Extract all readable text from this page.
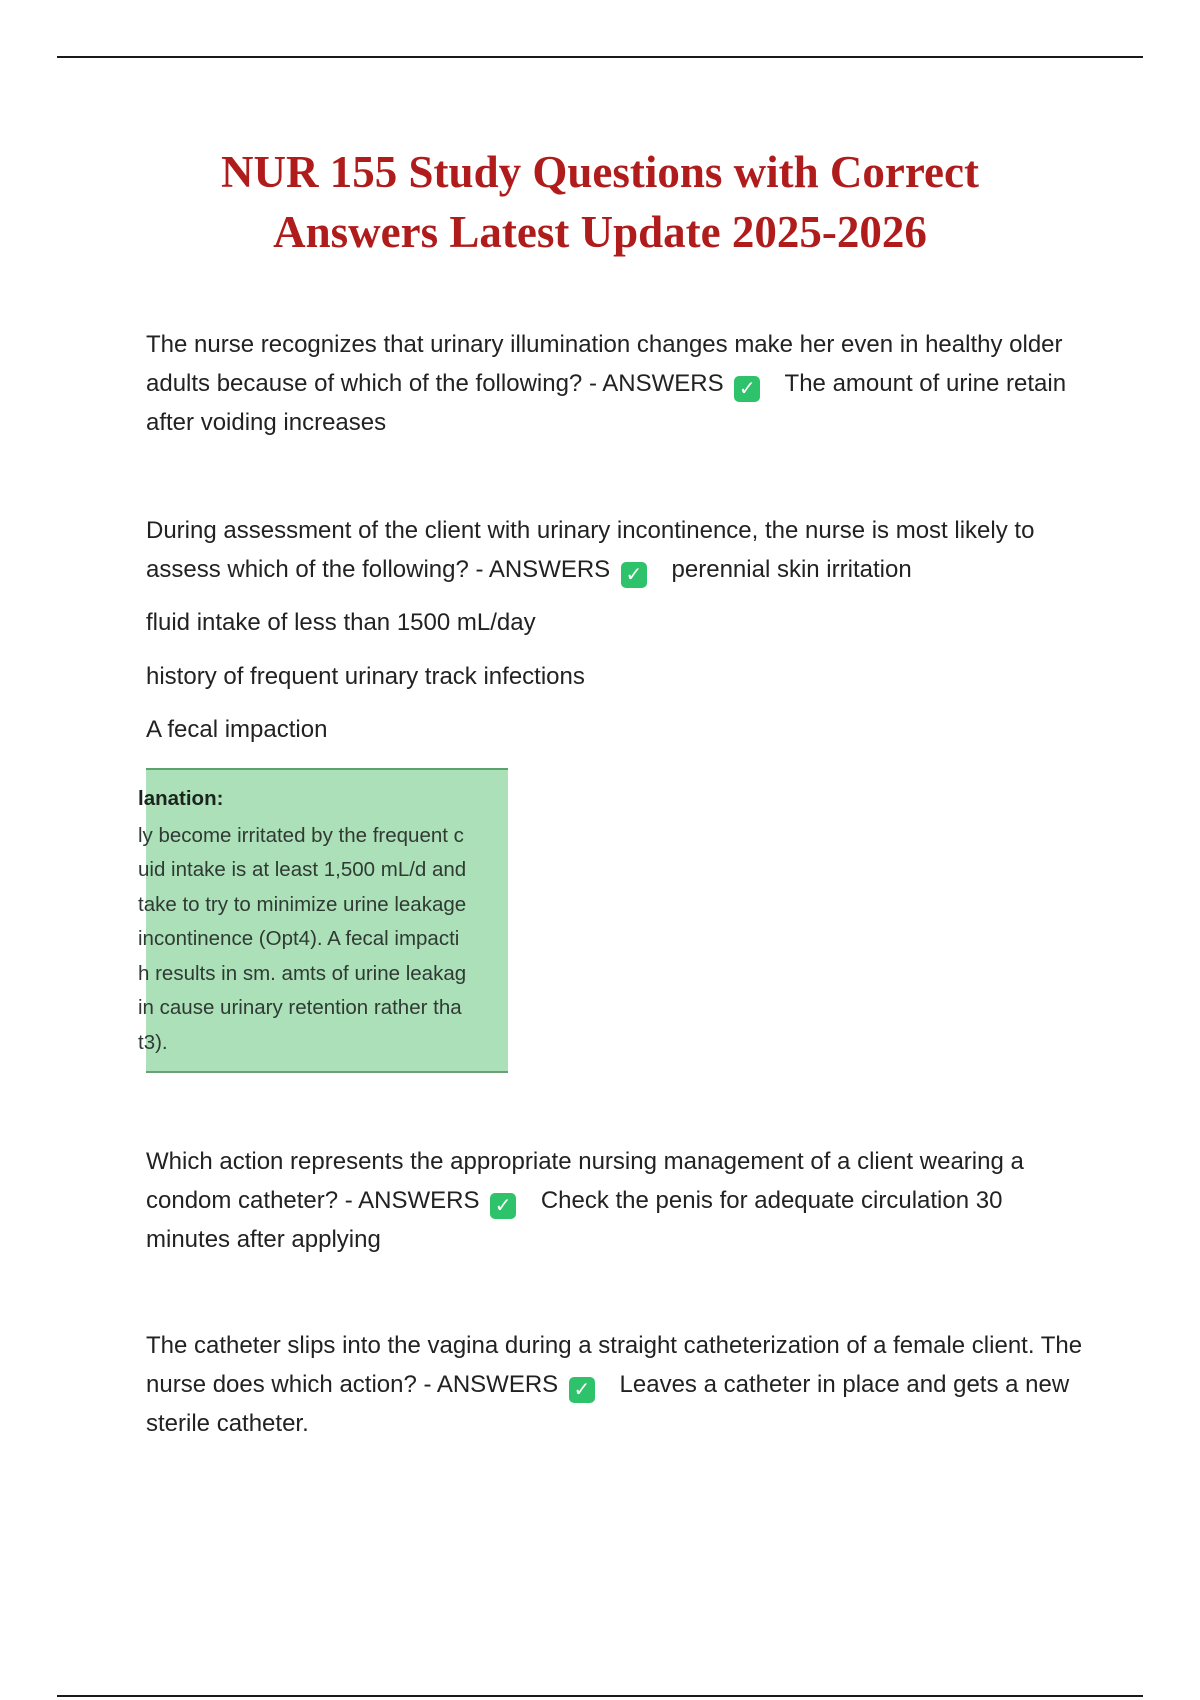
NUR 155 Study Questions with Correct
Answers Latest Update 2025-2026

The nurse recognizes that urinary illumination changes make her even in healthy older adults because of which of the following? - ANSWERS ✓ The amount of urine retain after voiding increases

During assessment of the client with urinary incontinence, the nurse is most likely to assess which of the following? - ANSWERS ✓ perennial skin irritation

fluid intake of less than 1500 mL/day

history of frequent urinary track infections

A fecal impaction

lanation:
ly become irritated by the frequent c
uid intake is at least 1,500 mL/d and
take to try to minimize urine leakage
incontinence (Opt4). A fecal impacti
h results in sm. amts of urine leakag
in cause urinary retention rather tha
t3).

Which action represents the appropriate nursing management of a client wearing a condom catheter? - ANSWERS ✓ Check the penis for adequate circulation 30 minutes after applying

The catheter slips into the vagina during a straight catheterization of a female client. The nurse does which action? - ANSWERS ✓ Leaves a catheter in place and gets a new sterile catheter.
